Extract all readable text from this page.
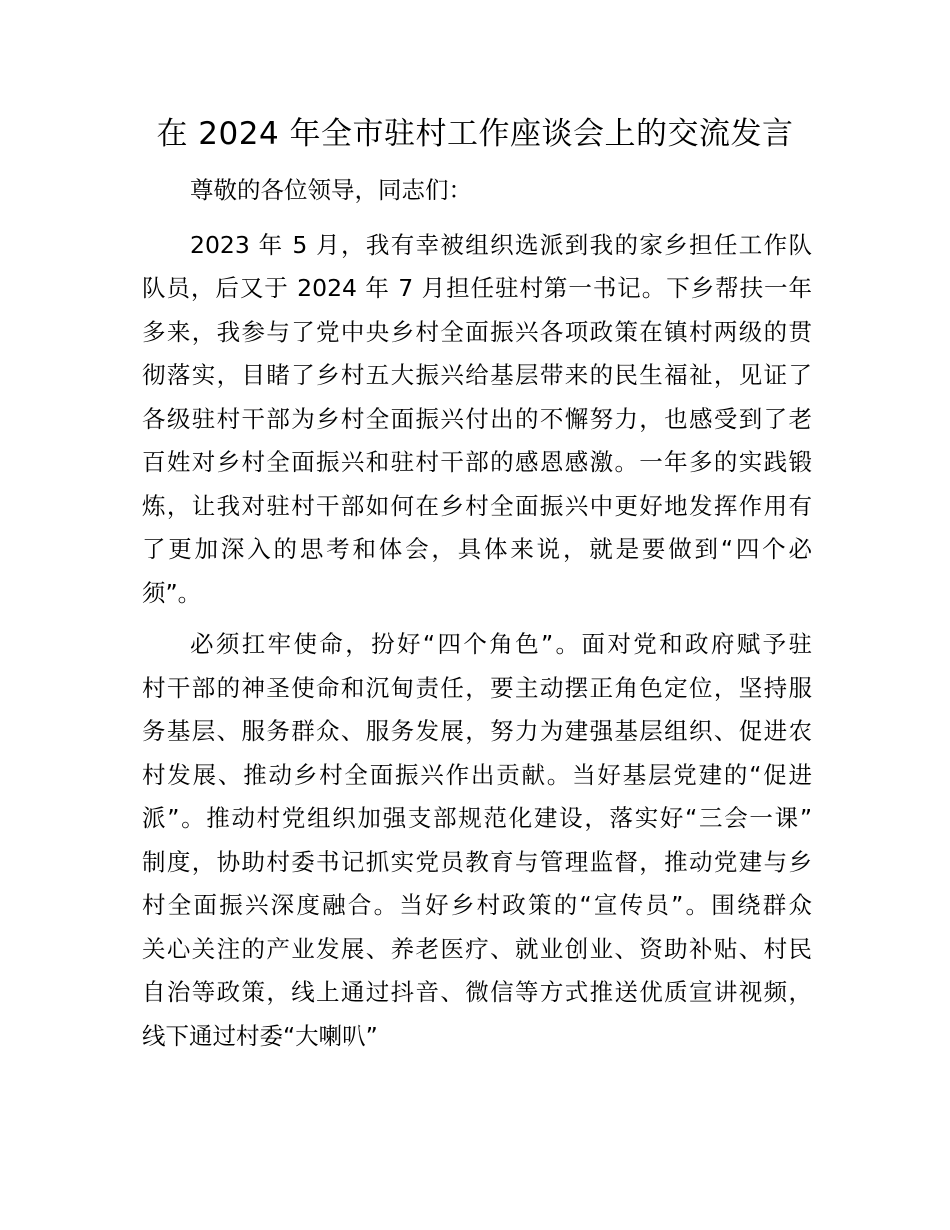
在 2024 年全市驻村工作座谈会上的交流发言

尊敬的各位领导，同志们：

2023 年 5 月，我有幸被组织选派到我的家乡担任工作队

队员，后又于 2024 年 7 月担任驻村第一书记。下乡帮扶一年

多来，我参与了党中央乡村全面振兴各项政策在镇村两级的贯

彻落实，目睹了乡村五大振兴给基层带来的民生福祉，见证了

各级驻村干部为乡村全面振兴付出的不懈努力，也感受到了老

百姓对乡村全面振兴和驻村干部的感恩感激。一年多的实践锻

炼，让我对驻村干部如何在乡村全面振兴中更好地发挥作用有

了更加深入的思考和体会，具体来说，就是要做到“四个必

须”。

必须扛牢使命，扮好“四个角色”。面对党和政府赋予驻

村干部的神圣使命和沉甸责任，要主动摆正角色定位，坚持服

务基层、服务群众、服务发展，努力为建强基层组织、促进农

村发展、推动乡村全面振兴作出贡献。当好基层党建的“促进

派”。推动村党组织加强支部规范化建设，落实好“三会一课”

制度，协助村委书记抓实党员教育与管理监督，推动党建与乡

村全面振兴深度融合。当好乡村政策的“宣传员”。围绕群众

关心关注的产业发展、养老医疗、就业创业、资助补贴、村民

自治等政策，线上通过抖音、微信等方式推送优质宣讲视频，

线下通过村委“大喇叭”
